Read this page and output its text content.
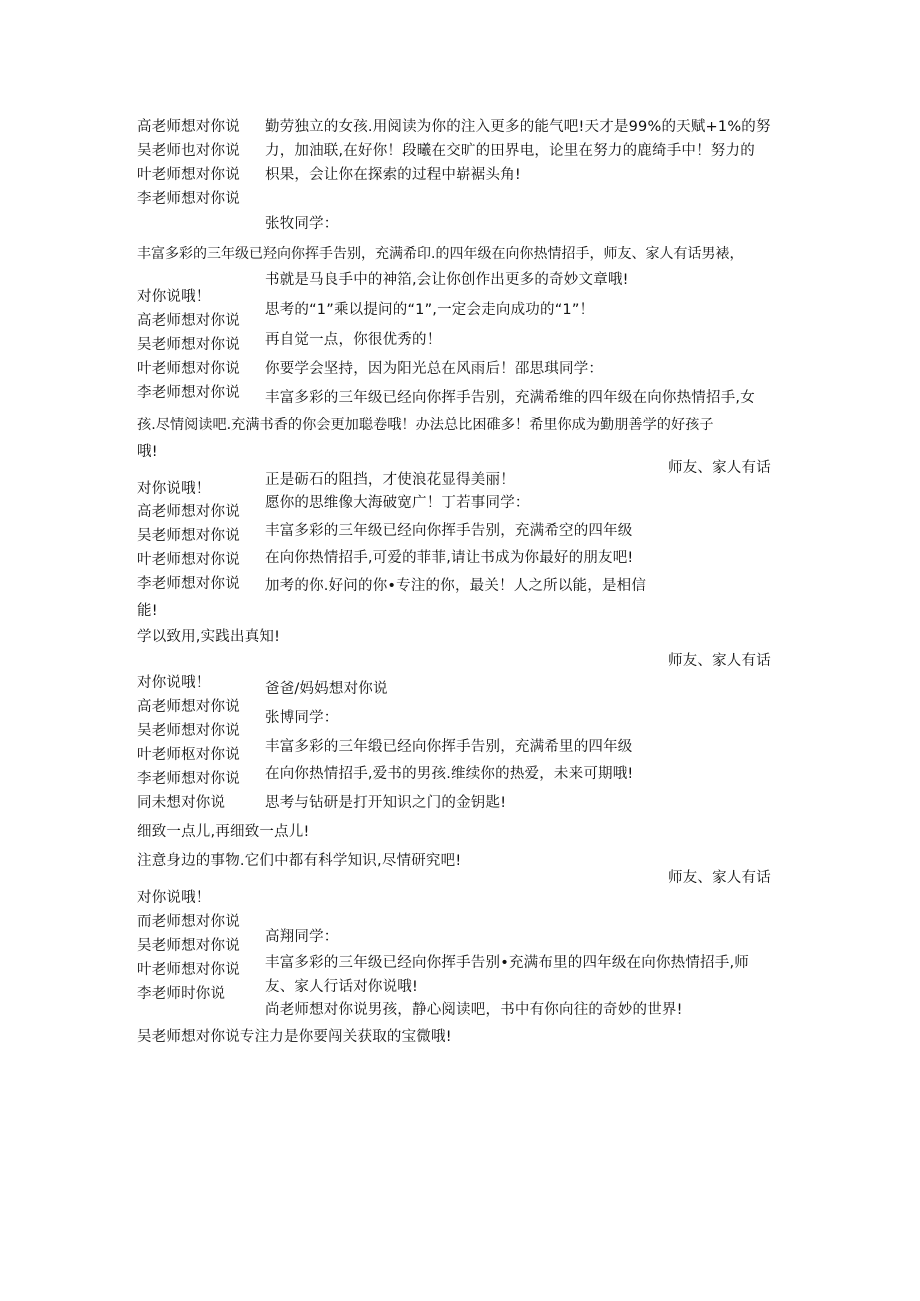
高老师想对你说
吴老师也对你说
叶老师想对你说
李老师想对你说
勤劳独立的女孩.用阅读为你的注入更多的能气吧!天才是99%的天赋+1%的努
力，加油联,在好你！段曦在交旷的田界电，论里在努力的鹿绮手中！努力的
枳果，会让你在探索的过程中崭裾头角!
张牧同学：
丰富多彩的三年级已羟向你挥手告别，充满希印.的四年级在向你热情招手，师友、家人有话男裱，
书就是马良手中的神箔,会让你创作出更多的奇妙文章哦!
对你说哦！
高老师想对你说
吴老师想对你说
叶老师想对你说
李老师想对你说
思考的“1”乘以提问的“1”,一定会走向成功的“1”！
再自觉一点，你很优秀的！
你要学会坚持，因为阳光总在风雨后！邵思琪同学：
丰富多彩的三年级已经向你挥手告别，充满希维的四年级在向你热情招手,女
孩.尽情阅读吧.充满书香的你会更加聪卷哦！办法总比困碓多！希里你成为勤朋善学的好孩子
哦!
师友、家人有话
正是砺石的阻挡，才使浪花显得美丽！
愿你的思维像大海破宽广！丁若事同学：
对你说哦！
高老师想对你说
吴老师想对你说
叶老师想对你说
李老师想对你说
丰富多彩的三年级已经向你挥手告别，充满希空的四年级
在向你热情招手,可爱的菲菲,请让书成为你最好的朋友吧!
加考的你.好问的你•专注的你，最关！人之所以能，是相信
能!
学以致用,实践出真知!
师友、家人有话
对你说哦！	爸爸/妈妈想对你说
高老师想对你说
张博同学：
吴老师想对你说
丰富多彩的三年缎已经向你挥手告别，充满希里的四年级
叶老师枢对你说
在向你热情招手,爱书的男孩.维续你的热爱，未来可期哦!
李老师想对你说
同未想对你说	思考与钻研是打开知识之门的金钥匙!
细致一点儿,再细致一点儿!
注意身边的事物.它们中都有科学知识,尽情研究吧!
师友、家人有话
对你说哦！
而老师想对你说
吴老师想对你说
叶老师想对你说
李老师时你说
高翔同学：
丰富多彩的三年级已经向你挥手告别•充满布里的四年级在向你热情招手,师
友、家人行话对你说哦!
尚老师想对你说男孩，静心阅读吧，书中有你向往的奇妙的世界!
吴老师想对你说专注力是你要闯关获取的宝微哦!
